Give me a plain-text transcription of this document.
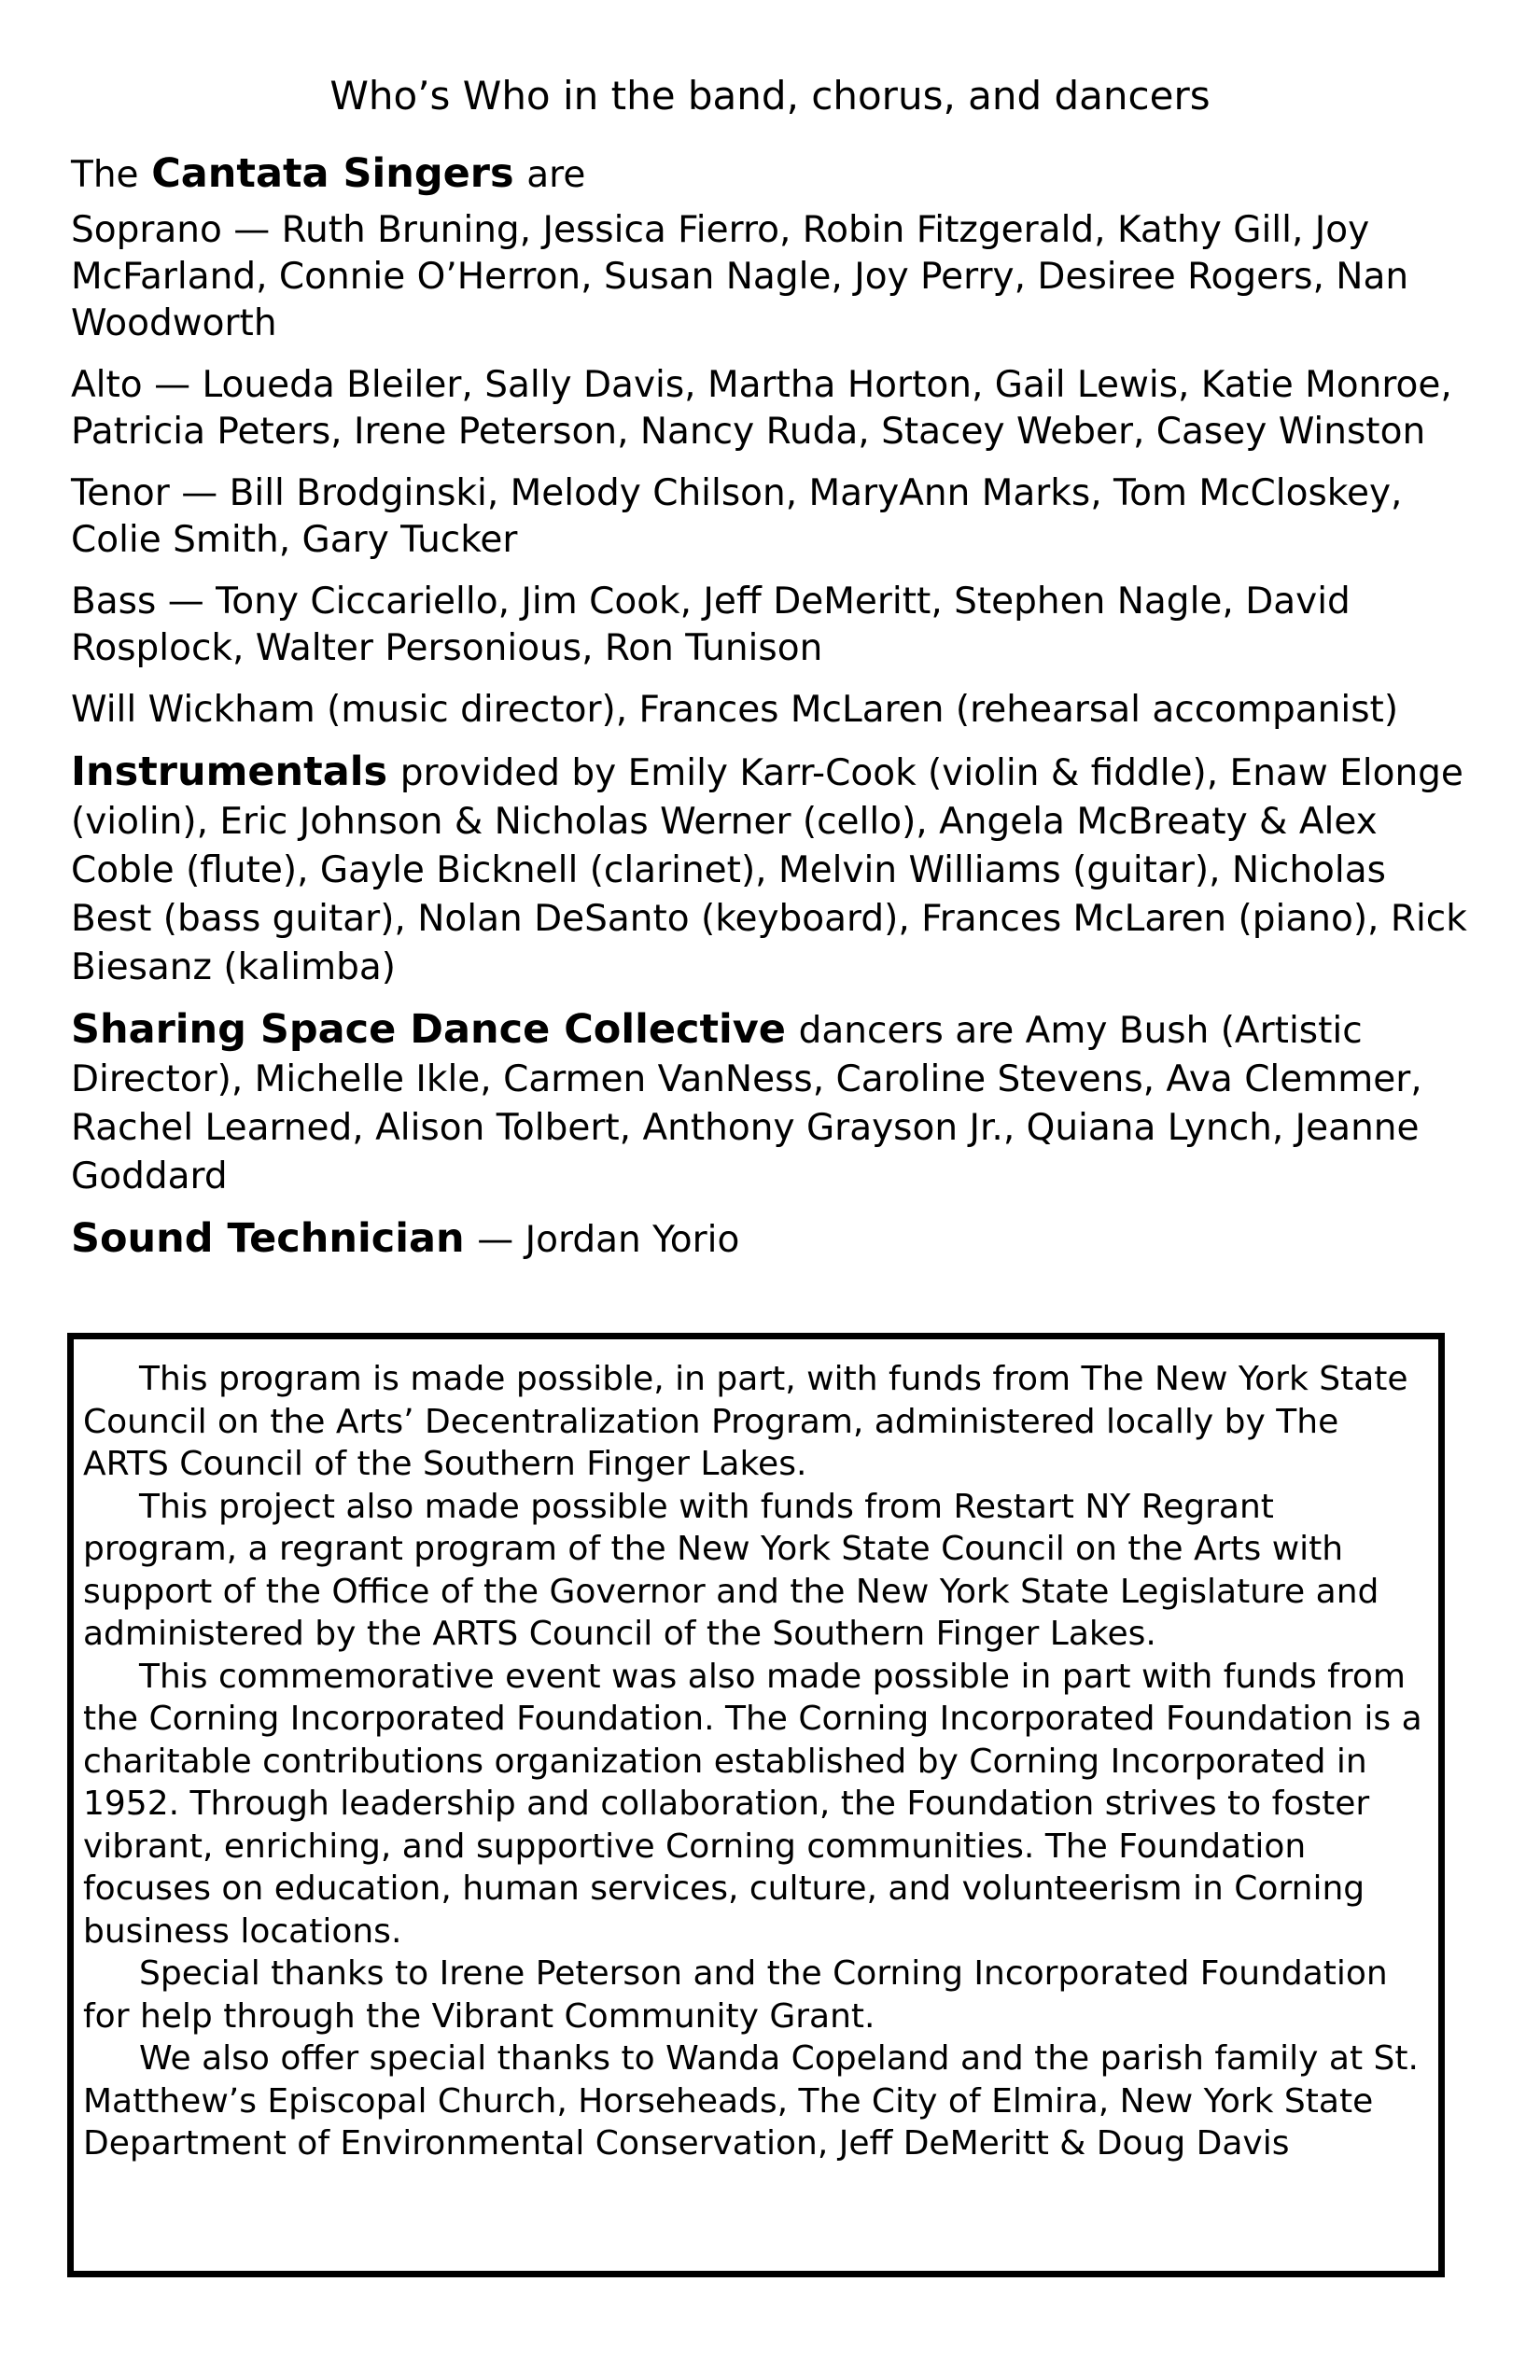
Who’s Who in the band, chorus, and dancers
The Cantata Singers are

Soprano — Ruth Bruning, Jessica Fierro, Robin Fitzgerald, Kathy Gill, Joy McFarland, Connie O’Herron, Susan Nagle, Joy Perry, Desiree Rogers, Nan Woodworth

Alto — Loueda Bleiler, Sally Davis, Martha Horton, Gail Lewis, Katie Monroe, Patricia Peters, Irene Peterson, Nancy Ruda, Stacey Weber, Casey Winston

Tenor — Bill Brodginski, Melody Chilson, MaryAnn Marks, Tom McCloskey, Colie Smith, Gary Tucker

Bass — Tony Ciccariello, Jim Cook, Jeff DeMeritt, Stephen Nagle, David Rosplock, Walter Personious, Ron Tunison

Will Wickham (music director), Frances McLaren (rehearsal accompanist)

Instrumentals provided by Emily Karr-Cook (violin & fiddle), Enaw Elonge (violin), Eric Johnson & Nicholas Werner (cello), Angela McBreaty & Alex Coble (flute), Gayle Bicknell (clarinet), Melvin Williams (guitar), Nicholas Best (bass guitar), Nolan DeSanto (keyboard), Frances McLaren (piano), Rick Biesanz (kalimba)

Sharing Space Dance Collective dancers are Amy Bush (Artistic Director), Michelle Ikle, Carmen VanNess, Caroline Stevens, Ava Clemmer, Rachel Learned, Alison Tolbert, Anthony Grayson Jr., Quiana Lynch, Jeanne Goddard

Sound Technician — Jordan Yorio

This program is made possible, in part, with funds from The New York State Council on the Arts’ Decentralization Program, administered locally by The ARTS Council of the Southern Finger Lakes.

This project also made possible with funds from Restart NY Regrant program, a regrant program of the New York State Council on the Arts with support of the Office of the Governor and the New York State Legislature and administered by the ARTS Council of the Southern Finger Lakes.

This commemorative event was also made possible in part with funds from the Corning Incorporated Foundation. The Corning Incorporated Foundation is a charitable contributions organization established by Corning Incorporated in 1952. Through leadership and collaboration, the Foundation strives to foster vibrant, enriching, and supportive Corning communities. The Foundation focuses on education, human services, culture, and volunteerism in Corning business locations.

Special thanks to Irene Peterson and the Corning Incorporated Foundation for help through the Vibrant Community Grant.

We also offer special thanks to Wanda Copeland and the parish family at St. Matthew’s Episcopal Church, Horseheads, The City of Elmira, New York State Department of Environmental Conservation, Jeff DeMeritt & Doug Davis
